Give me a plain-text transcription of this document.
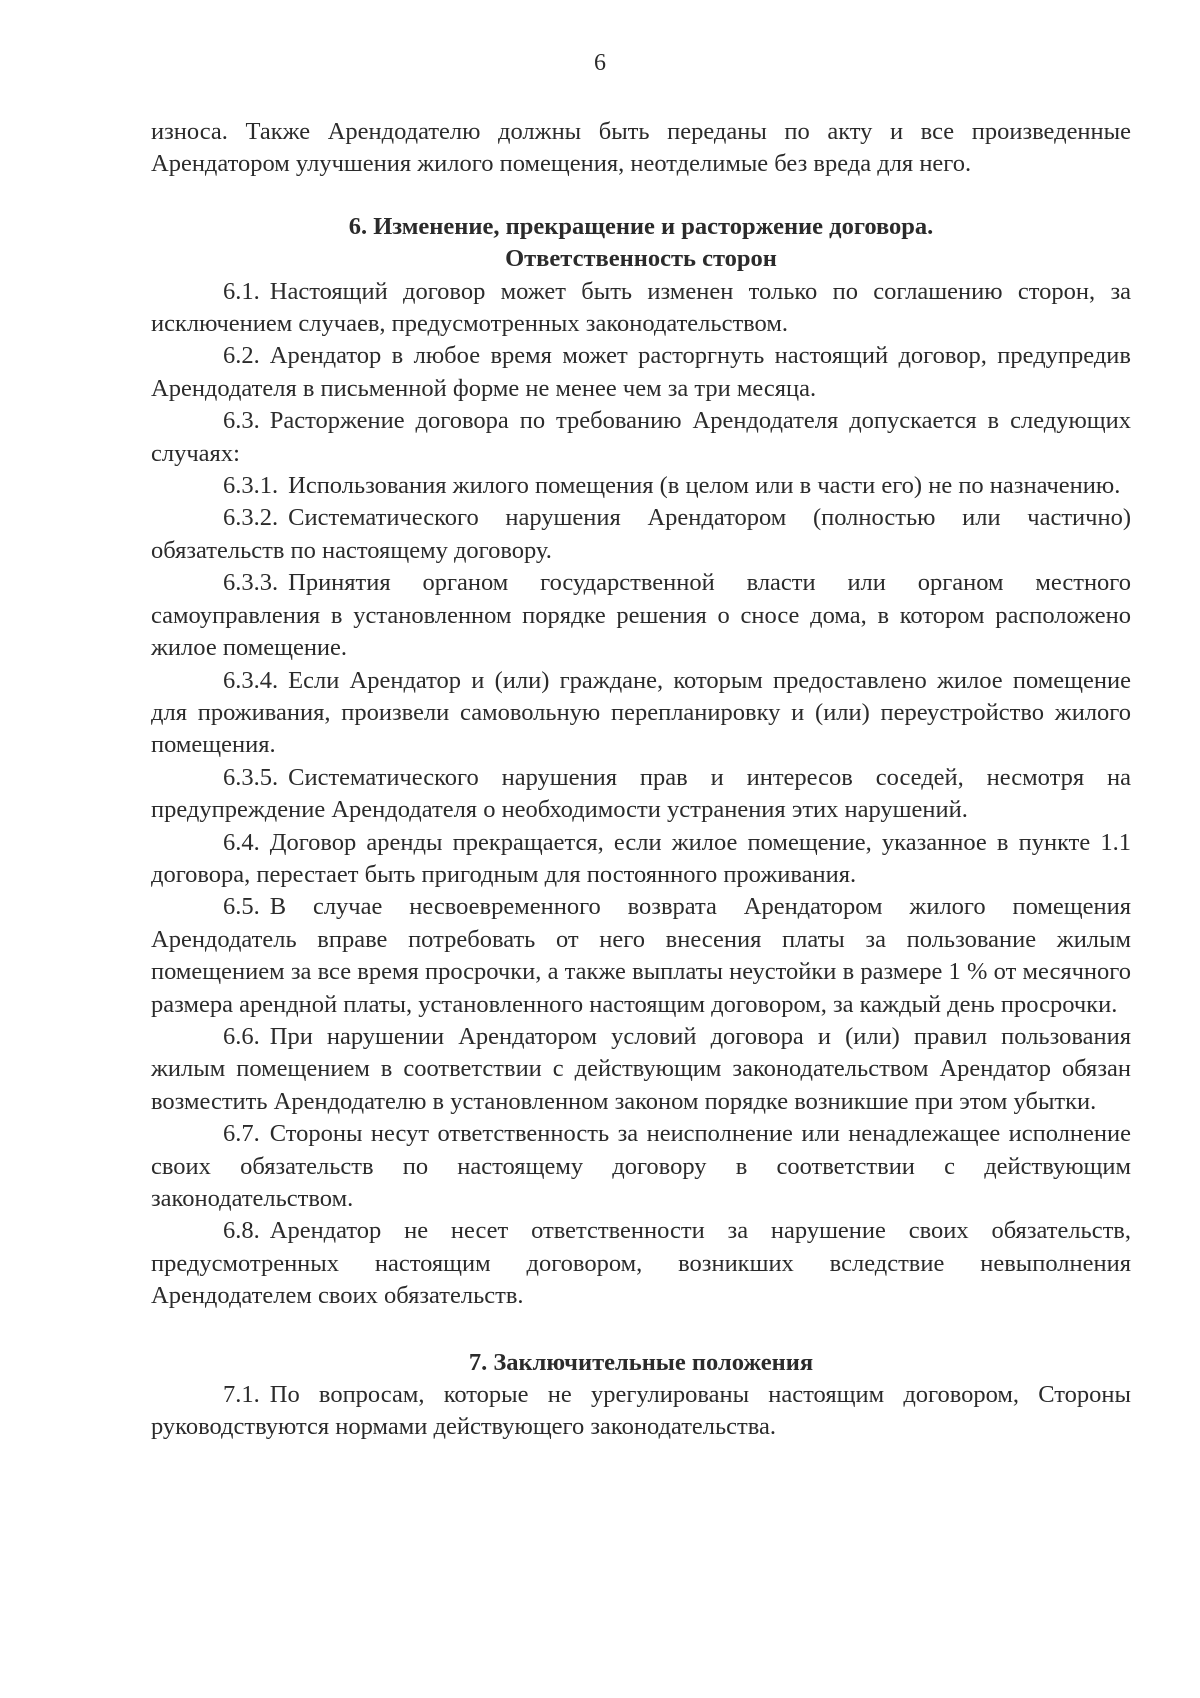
6

износа. Также Арендодателю должны быть переданы по акту и все произведенные Арендатором улучшения жилого помещения, неотделимые без вреда для него.

6. Изменение, прекращение и расторжение договора.

Ответственность сторон

6.1. Настоящий договор может быть изменен только по соглашению сторон, за исключением случаев, предусмотренных законодательством.

6.2. Арендатор в любое время может расторгнуть настоящий договор, предупредив Арендодателя в письменной форме не менее чем за три месяца.

6.3. Расторжение договора по требованию Арендодателя допускается в следующих случаях:

6.3.1. Использования жилого помещения (в целом или в части его) не по назначению.

6.3.2. Систематического нарушения Арендатором (полностью или частично) обязательств по настоящему договору.

6.3.3. Принятия органом государственной власти или органом местного самоуправления в установленном порядке решения о сносе дома, в котором расположено жилое помещение.

6.3.4. Если Арендатор и (или) граждане, которым предоставлено жилое помещение для проживания, произвели самовольную перепланировку и (или) переустройство жилого помещения.

6.3.5. Систематического нарушения прав и интересов соседей, несмотря на предупреждение Арендодателя о необходимости устранения этих нарушений.

6.4. Договор аренды прекращается, если жилое помещение, указанное в пункте 1.1 договора, перестает быть пригодным для постоянного проживания.

6.5. В случае несвоевременного возврата Арендатором жилого помещения Арендодатель вправе потребовать от него внесения платы за пользование жилым помещением за все время просрочки, а также выплаты неустойки в размере 1 % от месячного размера арендной платы, установленного настоящим договором, за каждый день просрочки.

6.6. При нарушении Арендатором условий договора и (или) правил пользования жилым помещением в соответствии с действующим законодательством Арендатор обязан возместить Арендодателю в установленном законом порядке возникшие при этом убытки.

6.7. Стороны несут ответственность за неисполнение или ненадлежащее исполнение своих обязательств по настоящему договору в соответствии с действующим законодательством.

6.8. Арендатор не несет ответственности за нарушение своих обязательств, предусмотренных настоящим договором, возникших вследствие невыполнения Арендодателем своих обязательств.

7. Заключительные положения

7.1. По вопросам, которые не урегулированы настоящим договором, Стороны руководствуются нормами действующего законодательства.
